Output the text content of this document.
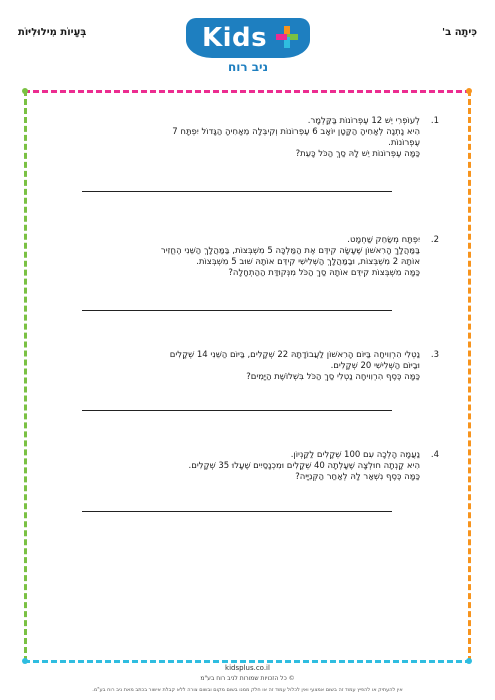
בְּעָיוֹת מִילוּלִיּוֹת	כִּיתָה ב'
Kids
ניב רוח
.1

לְעוֹפְרִי יֵשׁ 12 עֶפְרוֹנוֹת בַּקַּלְמָר.

הִיא נָתְנָה לְאָחִיהָ הַקָּטָן יוֹאָב 6 עֶפְרוֹנוֹת וְקִיבְּלָה מֵאָחִיהָ הַגָּדוֹל יִפְתָּח 7

עֶפְרוֹנוֹת.

כַּמָּה עֶפְרוֹנוֹת יֵשׁ לָהּ סַךְ הַכֹּל כָּעֵת?

.2

יִפְתָּח מְשַׂחֵק שַׁחְמָט.

בַּמַּהֲלָךְ הָרִאשׁוֹן שֶׁעָשָׂה קִידֵּם אֶת הַמַּלְכָּה 5 מִשְׁבְּצוֹת, בַּמַּהֲלָךְ הַשֵּׁנִי הֶחֱזִיר

אוֹתָהּ 2 מִשְׁבְּצוֹת, וּבַמַּהֲלָךְ הַשְּׁלִישִׁי קִידֵּם אוֹתָהּ שׁוּב 5 מִשְׁבְּצוֹת.

כַּמָּה מִשְׁבְּצוֹת קִידֵּם אוֹתָהּ סַךְ הַכֹּל מִנְּקוּדַּת הַהַתְחָלָה?

.3

נַטְלִי הִרְוִויחָה בַּיּוֹם הָרִאשׁוֹן לַעֲבוֹדָתָהּ 22 שְׁקָלִים, בַּיּוֹם הַשֵּׁנִי 14 שְׁקָלִים

וּבַיּוֹם הַשְּׁלִישִׁי 20 שְׁקָלִים.

כַּמָּה כֶּסֶף הִרְוִויחָה נַטְלִי סַךְ הַכֹּל בִּשְׁלוֹשֶׁת הַיָּמִים?

.4

נַעֲמָה הָלְכָה עִם 100 שְׁקָלִים לַקַּנְיוֹן.

הִיא קָנְתָה חוּלְצָה שֶׁעָלְתָה 40 שְׁקָלִים וּמִכְנָסַיִים שֶׁעָלוּ 35 שְׁקָלִים.

כַּמָּה כֶּסֶף נִשְׁאַר לָהּ לְאַחַר הַקְּנִיָּיה?

kidsplus.co.il
© כל הזכויות שמורות לניב רוח בע"מ
אין להעתיק או להפיץ עמוד זה בשום אמצעי ואין לכלול עמוד זה או חלק ממנו בשום מקום ובשום צורה ללא קבלת אישור בכתב מאת ניב רוח בע"מ.
